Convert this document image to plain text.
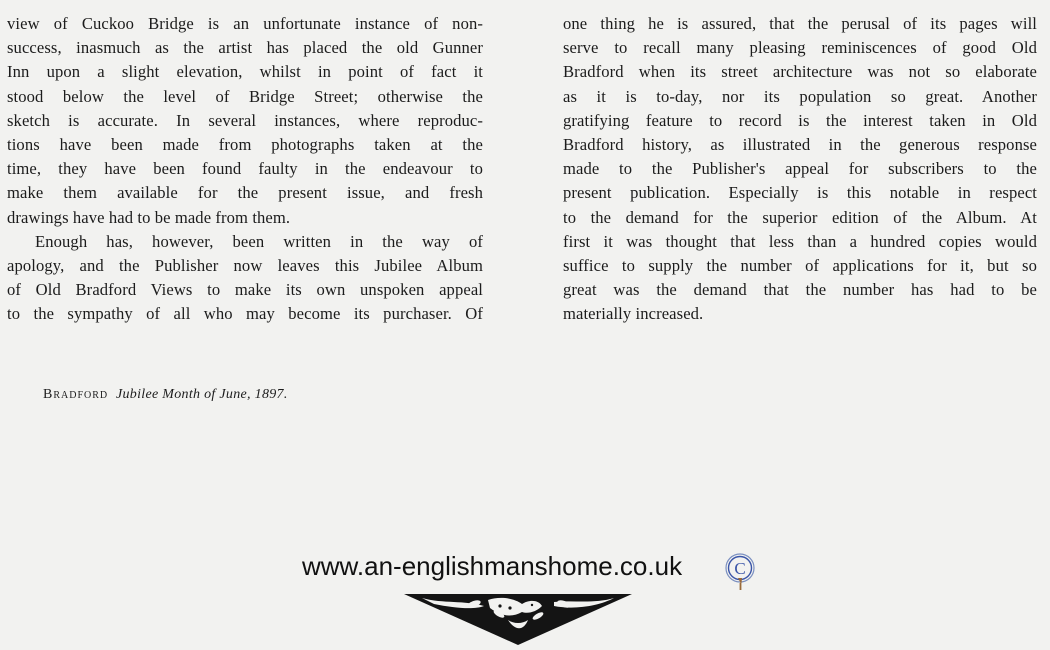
view of Cuckoo Bridge is an unfortunate instance of non-
success, inasmuch as the artist has placed the old Gunner
Inn upon a slight elevation, whilst in point of fact it
stood below the level of Bridge Street; otherwise the
sketch is accurate. In several instances, where reproduc-
tions have been made from photographs taken at the
time, they have been found faulty in the endeavour to
make them available for the present issue, and fresh
drawings have had to be made from them.

Enough has, however, been written in the way of
apology, and the Publisher now leaves this Jubilee Album
of Old Bradford Views to make its own unspoken appeal
to the sympathy of all who may become its purchaser. Of

one thing he is assured, that the perusal of its pages will
serve to recall many pleasing reminiscences of good Old
Bradford when its street architecture was not so elaborate
as it is to-day, nor its population so great. Another
gratifying feature to record is the interest taken in Old
Bradford history, as illustrated in the generous response
made to the Publisher's appeal for subscribers to the
present publication. Especially is this notable in respect
to the demand for the superior edition of the Album. At
first it was thought that less than a hundred copies would
suffice to supply the number of applications for it, but so
great was the demand that the number has had to be
materially increased.

Bradford Jubilee Month of June, 1897.
www.an-englishmanshome.co.uk	C
